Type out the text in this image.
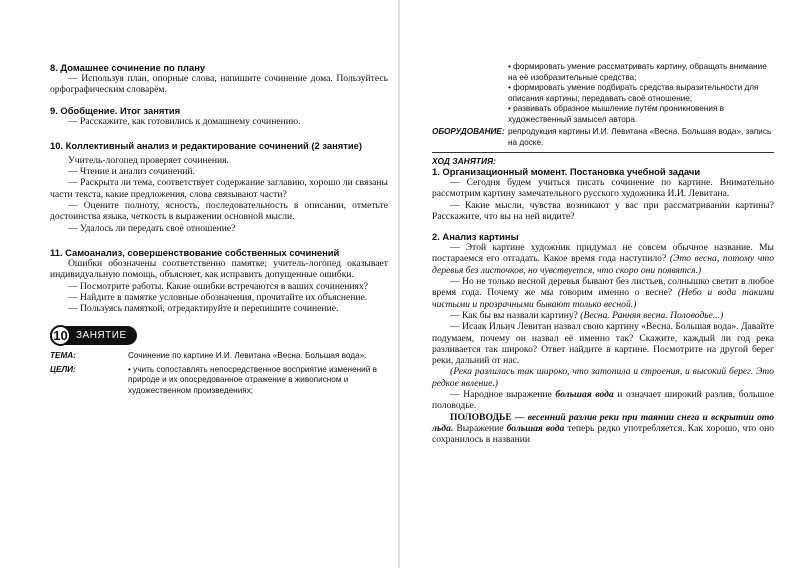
8. Домашнее сочинение по плану

— Используя план, опорные слова, напишите сочинение дома. Пользуйтесь орфографическим словарём.

9. Обобщение. Итог занятия

— Расскажите, как готовились к домашнему сочинению.

10. Коллективный анализ и редактирование сочинений (2 занятие)

Учитель-логопед проверяет сочинения.

— Чтение и анализ сочинений.

— Раскрыта ли тема, соответствует содержание заглавию, хорошо ли связаны части текста, какие предложения, слова связывают части?

— Оцените полноту, ясность, последовательность в описании, отметьте достоинства языка, четкость в выражении основной мысли.

— Удалось ли передать своё отношение?

11. Самоанализ, совершенствование собственных сочинений

Ошибки обозначены соответственно памятке; учитель-логопед оказывает индивидуальную помощь, объясняет, как исправить допущенные ошибки.

— Посмотрите работы. Какие ошибки встречаются в ваших сочинениях?

— Найдите в памятке условные обозначения, прочитайте их объяснение.

— Пользуясь памяткой, отредактируйте и перепишите сочинение.

10 ЗАНЯТИЕ
ТЕМА:	Сочинение по картине И.И. Левитана «Весна. Большая вода».
ЦЕЛИ:	• учить сопоставлять непосредственное восприятие изменений в природе и их опосредованное отражение в живописном и художественном произведениях;

• формировать умение рассматривать картину, обращать внимание на её изобразительные средства;

• формировать умение подбирать средства выразительности для описания картины; передавать своё отношение;

• развивать образное мышление путём проникновения в художественный замысел автора.

ОБОРУДОВАНИЕ: репродукция картины И.И. Левитана «Весна. Большая вода», запись на доске.
ХОД ЗАНЯТИЯ:

1. Организационный момент. Постановка учебной задачи

— Сегодня будем учиться писать сочинение по картине. Внимательно рассмотрим картину замечательного русского художника И.И. Левитана.

— Какие мысли, чувства возникают у вас при рассматривании картины? Расскажите, что вы на ней видите?

2. Анализ картины

— Этой картине художник придумал не совсем обычное название. Мы постараемся его отгадать. Какое время года наступило? (Это весна, потому что деревья без листочков, но чувствуется, что скоро они появятся.)

— Но не только весной деревья бывают без листьев, солнышко светит в любое время года. Почему же мы говорим именно о весне? (Небо и вода такими чистыми и прозрачными бывают только весной.)

— Как бы вы назвали картину? (Весна. Ранняя весна. Половодье...)

— Исаак Ильич Левитан назвал свою картину «Весна. Большая вода». Давайте подумаем, почему он назвал её именно так? Скажите, каждый ли год река разливается так широко? Ответ найдите в картине. Посмотрите на другой берег реки, дальний от нас.

(Река разлилась так широко, что затопила и строения, и высокий берег. Это редкое явление.)

— Народное выражение большая вода и означает широкий разлив, большое половодье.

ПОЛОВОДЬЕ — весенний разлив реки при таянии снега и вскрытии ото льда. Выражение большая вода теперь редко употребляется. Как хорошо, что оно сохранилось в названии
